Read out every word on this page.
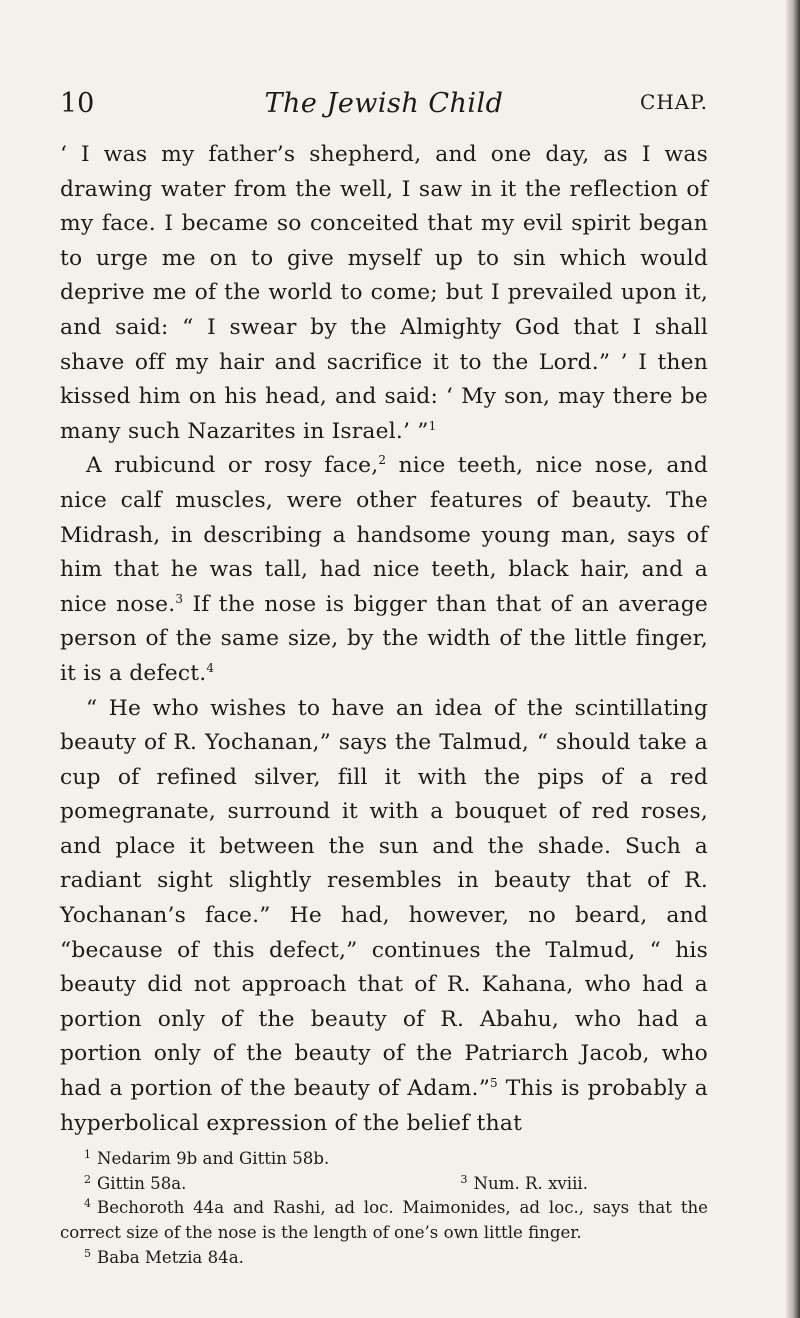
10	The Jewish Child	CHAP.

‘ I was my father’s shepherd, and one day, as I was drawing water from the well, I saw in it the reflection of my face. I became so conceited that my evil spirit began to urge me on to give myself up to sin which would deprive me of the world to come; but I prevailed upon it, and said: “ I swear by the Almighty God that I shall shave off my hair and sacrifice it to the Lord.” ’ I then kissed him on his head, and said: ‘ My son, may there be many such Nazarites in Israel.’ ”$^1$

A rubicund or rosy face,$^2$ nice teeth, nice nose, and nice calf muscles, were other features of beauty. The Midrash, in describing a handsome young man, says of him that he was tall, had nice teeth, black hair, and a nice nose.$^3$ If the nose is bigger than that of an average person of the same size, by the width of the little finger, it is a defect.$^4$

“ He who wishes to have an idea of the scintillating beauty of R. Yochanan,” says the Talmud, “ should take a cup of refined silver, fill it with the pips of a red pomegranate, surround it with a bouquet of red roses, and place it between the sun and the shade. Such a radiant sight slightly resembles in beauty that of R. Yochanan’s face.” He had, however, no beard, and “because of this defect,” continues the Talmud, “ his beauty did not approach that of R. Kahana, who had a portion only of the beauty of R. Abahu, who had a portion only of the beauty of the Patriarch Jacob, who had a portion of the beauty of Adam.”$^5$ This is probably a hyperbolical expression of the belief that

$^1$ Nedarim 9b and Gittin 58b.
$^2$ Gittin 58a.	$^3$ Num. R. xviii.
$^4$ Bechoroth 44a and Rashi, ad loc. Maimonides, ad loc., says that the correct size of the nose is the length of one’s own little finger.
$^5$ Baba Metzia 84a.
